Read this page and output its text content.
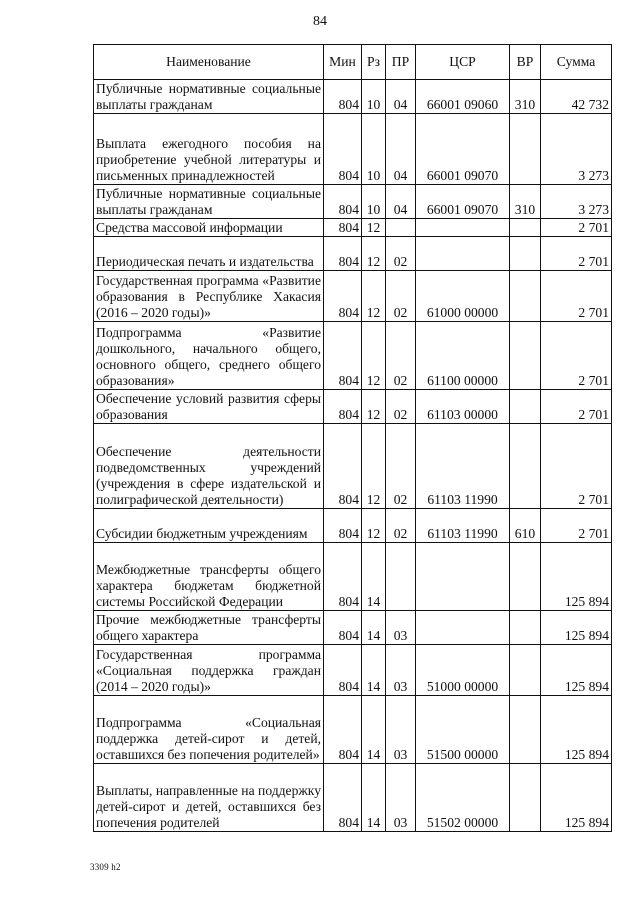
84
Наименование	Мин	Рз	ПР	ЦСР	ВР	Сумма
Публичные нормативные социальные выплаты гражданам	804	10	04	66001 09060	310	42 732
Выплата ежегодного пособия на приобретение учебной литературы и письменных принадлежностей	804	10	04	66001 09070		3 273
Публичные нормативные социальные выплаты гражданам	804	10	04	66001 09070	310	3 273
Средства массовой информации	804	12				2 701
Периодическая печать и издательства	804	12	02			2 701
Государственная программа «Развитие образования в Республике Хакасия (2016 – 2020 годы)»	804	12	02	61000 00000		2 701
Подпрограмма «Развитие дошкольного, начального общего, основного общего, среднего общего образования»	804	12	02	61100 00000		2 701
Обеспечение условий развития сферы образования	804	12	02	61103 00000		2 701
Обеспечение деятельности подведомственных учреждений (учреждения в сфере издательской и полиграфической деятельности)	804	12	02	61103 11990		2 701
Субсидии бюджетным учреждениям	804	12	02	61103 11990	610	2 701
Межбюджетные трансферты общего характера бюджетам бюджетной системы Российской Федерации	804	14				125 894
Прочие межбюджетные трансферты общего характера	804	14	03			125 894
Государственная программа «Социальная поддержка граждан (2014 – 2020 годы)»	804	14	03	51000 00000		125 894
Подпрограмма «Социальная поддержка детей-сирот и детей, оставшихся без попечения родителей»	804	14	03	51500 00000		125 894
Выплаты, направленные на поддержку детей-сирот и детей, оставшихся без попечения родителей	804	14	03	51502 00000		125 894
3309 h2
